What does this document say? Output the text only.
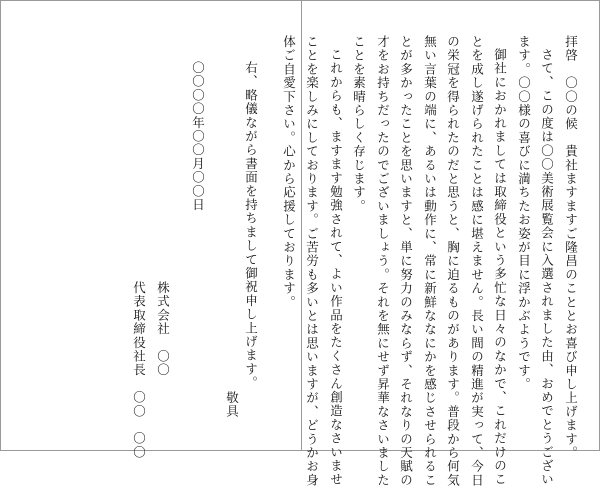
拝啓　〇〇の候　貴社ますますご隆昌のこととお喜び申し上げます。
さて、この度は〇〇美術展覧会に入選されました由、おめでとうござい
ます。〇〇様の喜びに満ちたお姿が目に浮かぶようです。
御社におかれましては取締役という多忙な日々のなかで、これだけのこ
とを成し遂げられたことは感に堪えません。長い間の精進が実って、今日
の栄冠を得られたのだと思うと、胸に迫るものがあります。普段から何気
無い言葉の端に、あるいは動作に、常に新鮮ななにかを感じさせられるこ
とが多かったことを思いますと、単に努力のみならず、それなりの天賦の
才をお持ちだったのでございましょう。それを無にせず昇華なさいました
ことを素晴らしく存じます。
これからも、ますます勉強されて、よい作品をたくさん創造なさいませ
ことを楽しみにしております。ご苦労も多いとは思いますが、どうかお身
体ご自愛下さい。心から応援しております。
敬具
右、略儀ながら書面を持ちまして御祝申し上げます。
〇〇〇〇年〇〇月〇〇日
株式会社　〇〇
代表取締役社長　〇〇　〇〇
